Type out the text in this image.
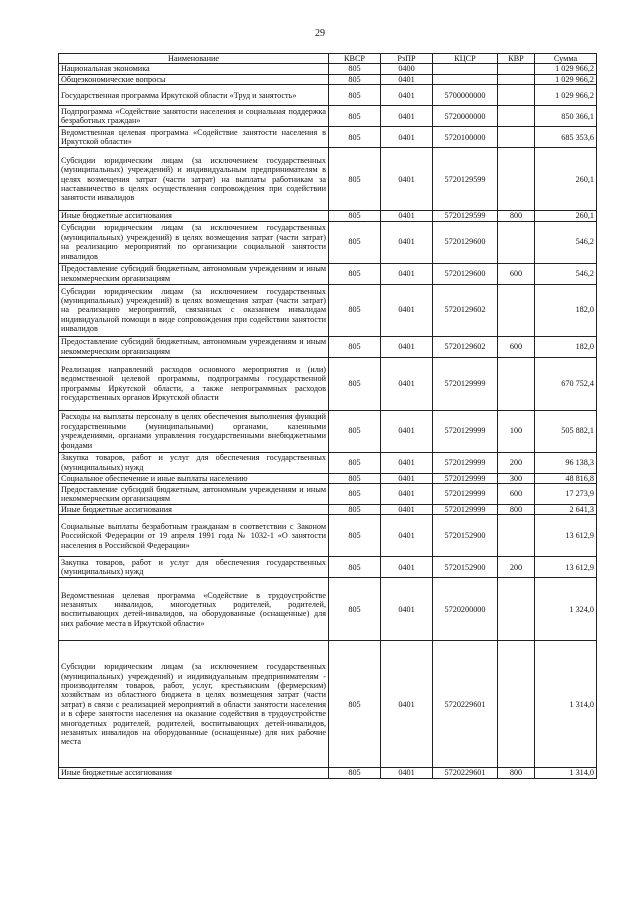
29
Наименование	КВСР	РзПР	КЦСР	КВР	Сумма
Национальная экономика	805	0400			1 029 966,2
Общеэкономические вопросы	805	0401			1 029 966,2
Государственная программа Иркутской области «Труд и занятость»	805	0401	5700000000		1 029 966,2
Подпрограмма «Содействие занятости населения и социальная поддержка безработных граждан»	805	0401	5720000000		850 366,1
Ведомственная целевая программа «Содействие занятости населения в Иркутской области»	805	0401	5720100000		685 353,6
Субсидии юридическим лицам (за исключением государственных (муниципальных) учреждений) и индивидуальным предпринимателям в целях возмещения затрат (части затрат) на выплаты работникам за наставничество в целях осуществления сопровождения при содействии занятости инвалидов	805	0401	5720129599		260,1
Иные бюджетные ассигнования	805	0401	5720129599	800	260,1
Субсидии юридическим лицам (за исключением государственных (муниципальных) учреждений) в целях возмещения затрат (части затрат) на реализацию мероприятий по организации социальной занятости инвалидов	805	0401	5720129600		546,2
Предоставление субсидий бюджетным, автономным учреждениям и иным некоммерческим организациям	805	0401	5720129600	600	546,2
Субсидии юридическим лицам (за исключением государственных (муниципальных) учреждений) в целях возмещения затрат (части затрат) на реализацию мероприятий, связанных с оказанием инвалидам индивидуальной помощи в виде сопровождения при содействии занятости инвалидов	805	0401	5720129602		182,0
Предоставление субсидий бюджетным, автономным учреждениям и иным некоммерческим организациям	805	0401	5720129602	600	182,0
Реализация направлений расходов основного мероприятия и (или) ведомственной целевой программы, подпрограммы государственной программы Иркутской области, а также непрограммных расходов государственных органов Иркутской области	805	0401	5720129999		670 752,4
Расходы на выплаты персоналу в целях обеспечения выполнения функций государственными (муниципальными) органами, казенными учреждениями, органами управления государственными внебюджетными фондами	805	0401	5720129999	100	505 882,1
Закупка товаров, работ и услуг для обеспечения государственных (муниципальных) нужд	805	0401	5720129999	200	96 138,3
Социальное обеспечение и иные выплаты населению	805	0401	5720129999	300	48 816,8
Предоставление субсидий бюджетным, автономным учреждениям и иным некоммерческим организациям	805	0401	5720129999	600	17 273,9
Иные бюджетные ассигнования	805	0401	5720129999	800	2 641,3
Социальные выплаты безработным гражданам в соответствии с Законом Российской Федерации от 19 апреля 1991 года № 1032-1 «О занятости населения в Российской Федерации»	805	0401	5720152900		13 612,9
Закупка товаров, работ и услуг для обеспечения государственных (муниципальных) нужд	805	0401	5720152900	200	13 612,9
Ведомственная целевая программа «Содействие в трудоустройстве незанятых инвалидов, многодетных родителей, родителей, воспитывающих детей-инвалидов, на оборудованные (оснащенные) для них рабочие места в Иркутской области»	805	0401	5720200000		1 324,0
Субсидии юридическим лицам (за исключением государственных (муниципальных) учреждений) и индивидуальным предпринимателям - производителям товаров, работ, услуг, крестьянским (фермерским) хозяйствам из областного бюджета в целях возмещения затрат (части затрат) в связи с реализацией мероприятий в области занятости населения и в сфере занятости населения на оказание содействия в трудоустройстве многодетных родителей, родителей, воспитывающих детей-инвалидов, незанятых инвалидов на оборудованные (оснащенные) для них рабочие места	805	0401	5720229601		1 314,0
Иные бюджетные ассигнования	805	0401	5720229601	800	1 314,0
